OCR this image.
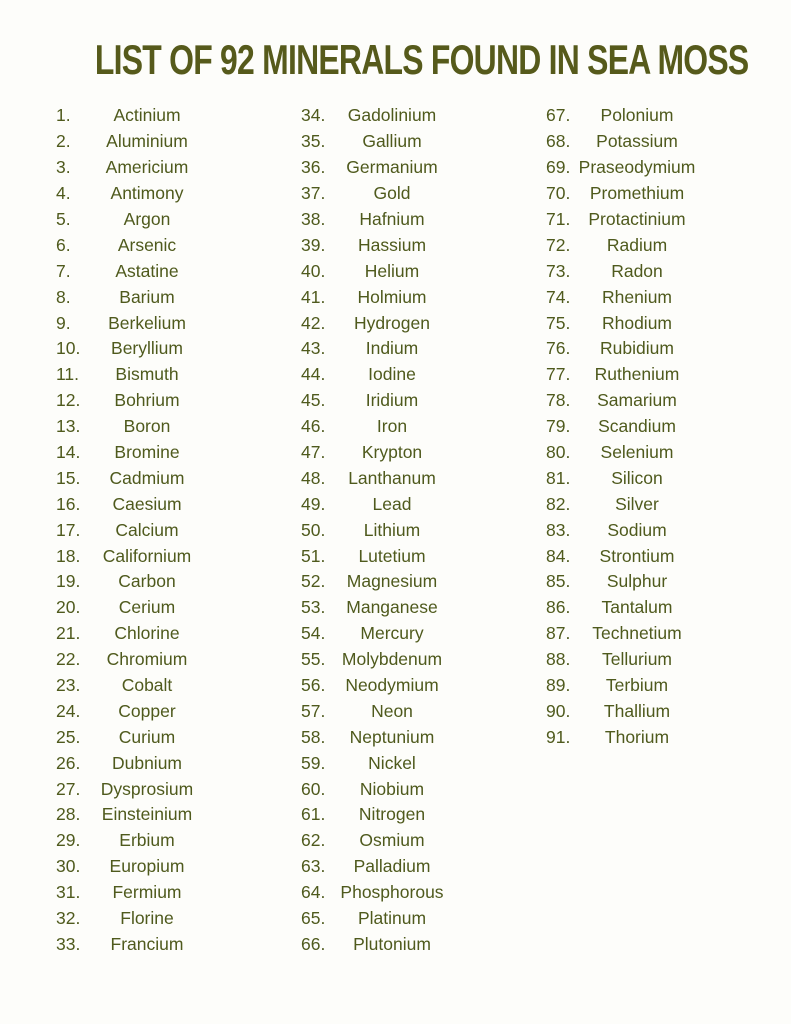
LIST OF 92 MINERALS FOUND IN SEA MOSS
1.	Actinium
2.	Aluminium
3.	Americium
4.	Antimony
5.	Argon
6.	Arsenic
7.	Astatine
8.	Barium
9.	Berkelium
10.	Beryllium
11.	Bismuth
12.	Bohrium
13.	Boron
14.	Bromine
15.	Cadmium
16.	Caesium
17.	Calcium
18.	Californium
19.	Carbon
20.	Cerium
21.	Chlorine
22.	Chromium
23.	Cobalt
24.	Copper
25.	Curium
26.	Dubnium
27.	Dysprosium
28.	Einsteinium
29.	Erbium
30.	Europium
31.	Fermium
32.	Florine
33.	Francium
34.	Gadolinium
35.	Gallium
36.	Germanium
37.	Gold
38.	Hafnium
39.	Hassium
40.	Helium
41.	Holmium
42.	Hydrogen
43.	Indium
44.	Iodine
45.	Iridium
46.	Iron
47.	Krypton
48.	Lanthanum
49.	Lead
50.	Lithium
51.	Lutetium
52.	Magnesium
53.	Manganese
54.	Mercury
55. Molybdenum
56.	Neodymium
57.	Neon
58.	Neptunium
59.	Nickel
60.	Niobium
61.	Nitrogen
62.	Osmium
63.	Palladium
64. Phosphorous
65.	Platinum
66.	Plutonium
67.	Polonium
68.	Potassium
69. Praseodymium
70.	Promethium
71.	Protactinium
72.	Radium
73.	Radon
74.	Rhenium
75.	Rhodium
76.	Rubidium
77.	Ruthenium
78.	Samarium
79.	Scandium
80.	Selenium
81.	Silicon
82.	Silver
83.	Sodium
84.	Strontium
85.	Sulphur
86.	Tantalum
87.	Technetium
88.	Tellurium
89.	Terbium
90.	Thallium
91.	Thorium
